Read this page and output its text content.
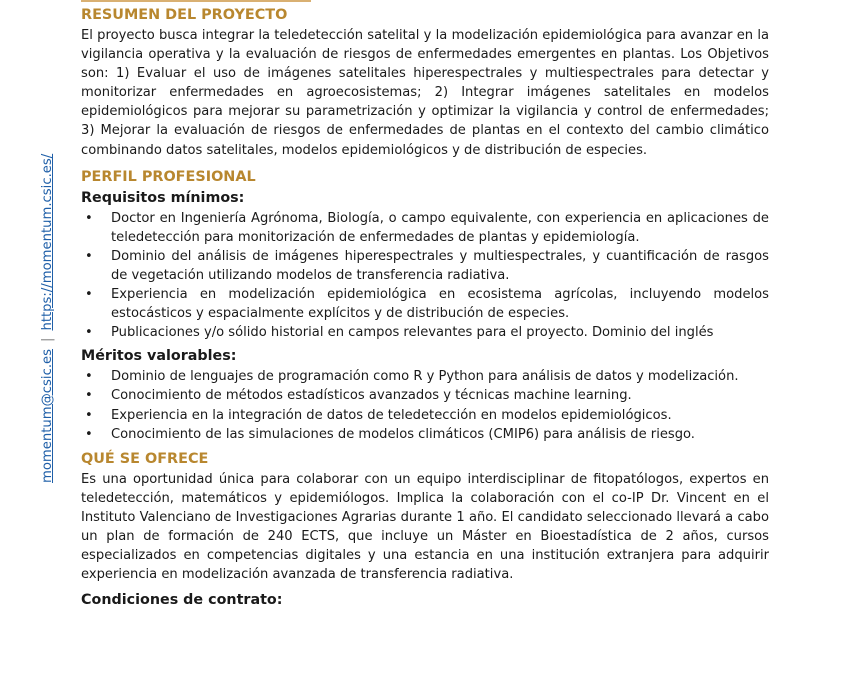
momentum@csic.es|https://momentum.csic.es/
RESUMEN DEL PROYECTO

El proyecto busca integrar la teledetección satelital y la modelización epidemiológica para avanzar en la vigilancia operativa y la evaluación de riesgos de enfermedades emergentes en plantas. Los Objetivos son: 1) Evaluar el uso de imágenes satelitales hiperespectrales y multiespectrales para detectar y monitorizar enfermedades en agroecosistemas; 2) Integrar imágenes satelitales en modelos epidemiológicos para mejorar su parametrización y optimizar la vigilancia y control de enfermedades; 3) Mejorar la evaluación de riesgos de enfermedades de plantas en el contexto del cambio climático combinando datos satelitales, modelos epidemiológicos y de distribución de especies.

PERFIL PROFESIONAL
Requisitos mínimos:
• Doctor en Ingeniería Agrónoma, Biología, o campo equivalente, con experiencia en aplicaciones de teledetección para monitorización de enfermedades de plantas y epidemiología.
• Dominio del análisis de imágenes hiperespectrales y multiespectrales, y cuantificación de rasgos de vegetación utilizando modelos de transferencia radiativa.
• Experiencia en modelización epidemiológica en ecosistema agrícolas, incluyendo modelos estocásticos y espacialmente explícitos y de distribución de especies.
• Publicaciones y/o sólido historial en campos relevantes para el proyecto. Dominio del inglés
Méritos valorables:
• Dominio de lenguajes de programación como R y Python para análisis de datos y modelización.
• Conocimiento de métodos estadísticos avanzados y técnicas machine learning.
• Experiencia en la integración de datos de teledetección en modelos epidemiológicos.
• Conocimiento de las simulaciones de modelos climáticos (CMIP6) para análisis de riesgo.
QUÉ SE OFRECE

Es una oportunidad única para colaborar con un equipo interdisciplinar de fitopatólogos, expertos en teledetección, matemáticos y epidemiólogos. Implica la colaboración con el co-IP Dr. Vincent en el Instituto Valenciano de Investigaciones Agrarias durante 1 año. El candidato seleccionado llevará a cabo un plan de formación de 240 ECTS, que incluye un Máster en Bioestadística de 2 años, cursos especializados en competencias digitales y una estancia en una institución extranjera para adquirir experiencia en modelización avanzada de transferencia radiativa.

Condiciones de contrato:
